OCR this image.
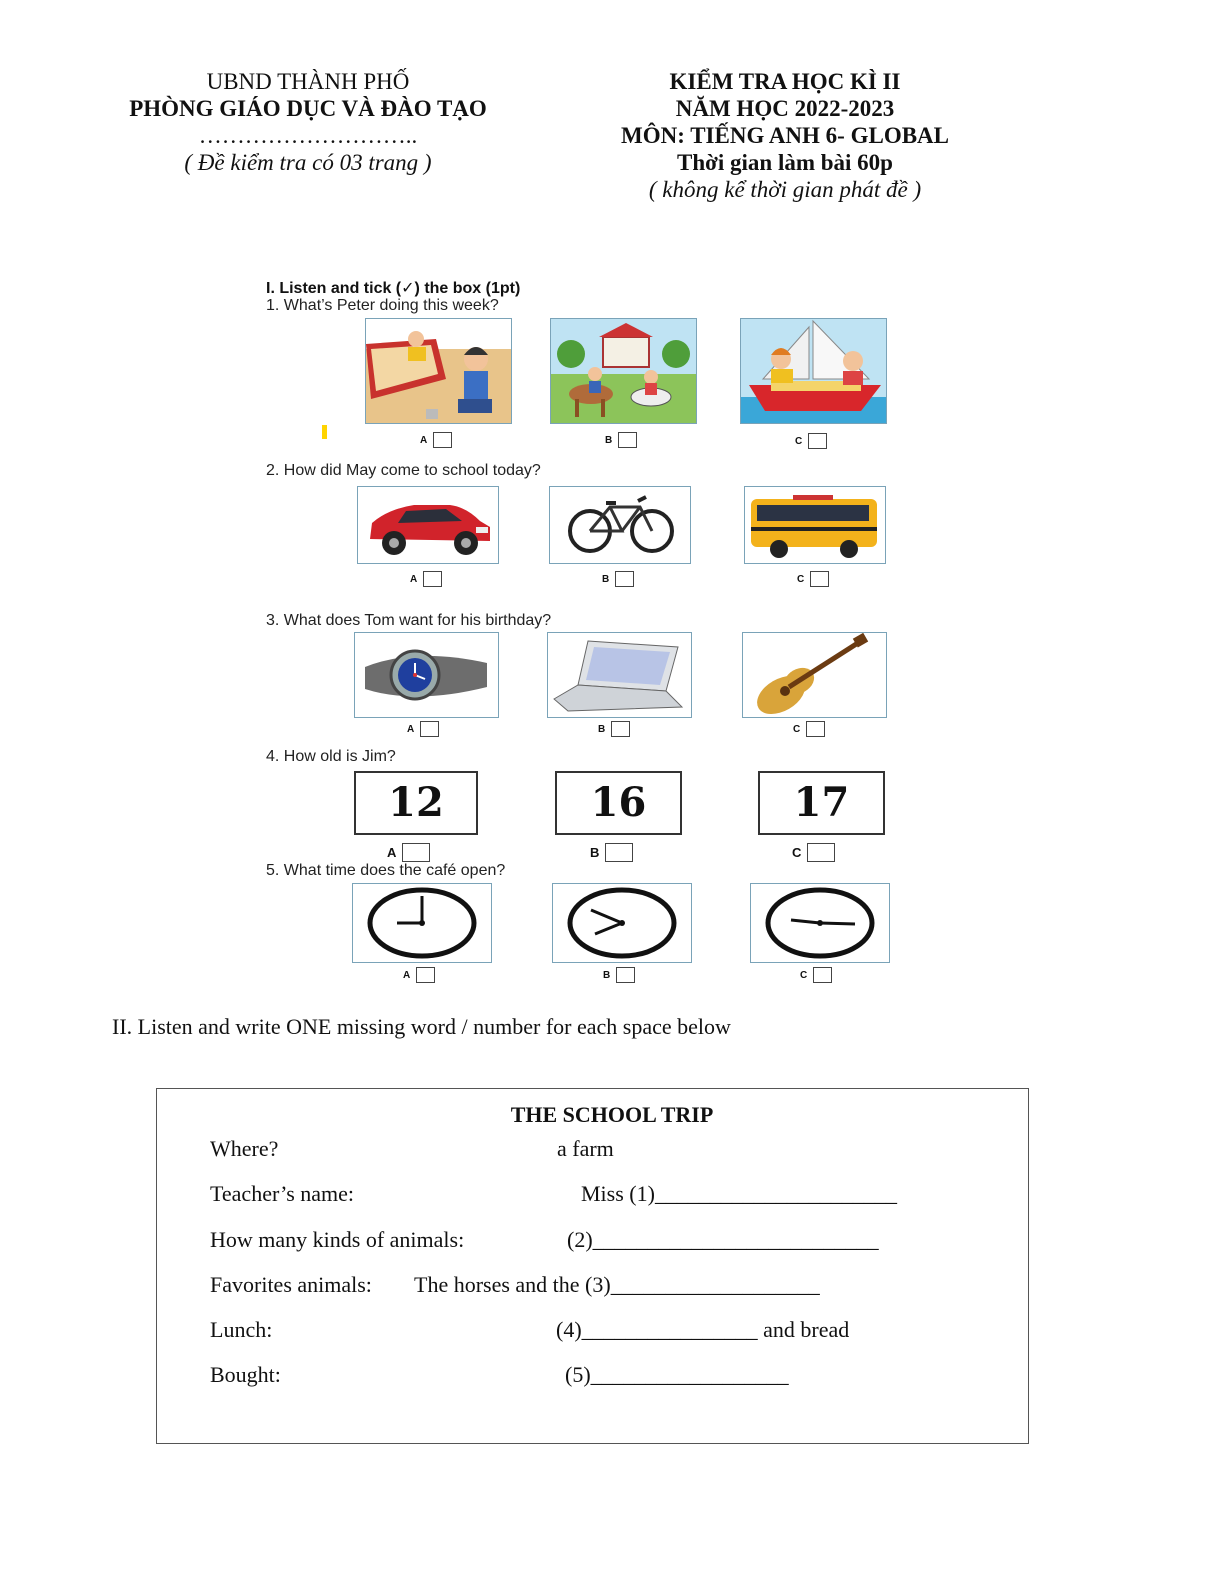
UBND THÀNH PHỐ
PHÒNG GIÁO DỤC VÀ ĐÀO TẠO
………………………..
( Đề kiểm tra có 03 trang )
KIỂM TRA HỌC KÌ II
NĂM HỌC 2022-2023
MÔN: TIẾNG ANH 6- GLOBAL
Thời gian làm bài 60p
( không kể thời gian phát đề )
I. Listen and tick (✓) the box (1pt)
1. What’s Peter doing this week?
A	B	C
2. How did May come to school today?
A	B	C
3. What does Tom want for his birthday?
A	B	C
4. How old is Jim?
12	16	17
A	B	C
5. What time does the café open?
A	B	C
II. Listen and write ONE missing word / number for each space below
THE SCHOOL TRIP
Where?	a farm
Teacher’s name:	Miss (1)______________________
How many kinds of animals:	(2)__________________________
Favorites animals: The horses and the (3)___________________
Lunch:	(4)________________ and bread
Bought:	(5)__________________
